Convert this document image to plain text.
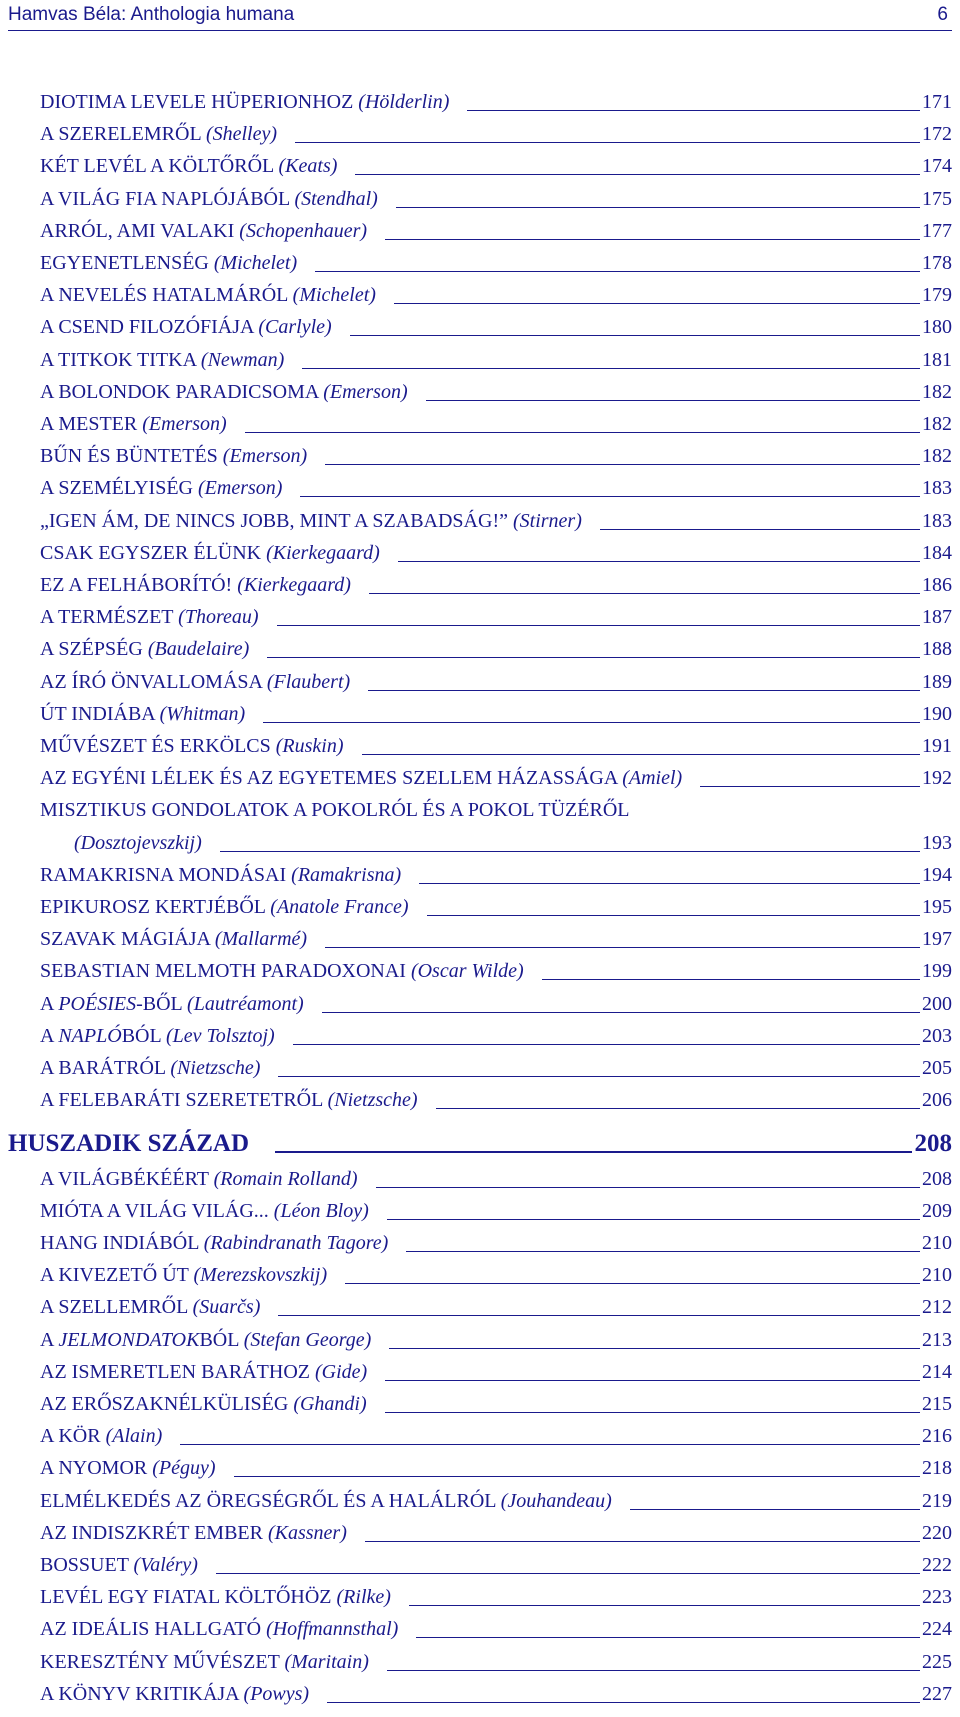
Hamvas Béla: Anthologia humana	6
DIOTIMA LEVELE HÜPERIONHOZ (Hölderlin)	171
A SZERELEMRŐL (Shelley)	172
KÉT LEVÉL A KÖLTŐRŐL (Keats)	174
A VILÁG FIA NAPLÓJÁBÓL (Stendhal)	175
ARRÓL, AMI VALAKI (Schopenhauer)	177
EGYENETLENSÉG (Michelet)	178
A NEVELÉS HATALMÁRÓL (Michelet)	179
A CSEND FILOZÓFIÁJA (Carlyle)	180
A TITKOK TITKA (Newman)	181
A BOLONDOK PARADICSOMA (Emerson)	182
A MESTER (Emerson)	182
BŰN ÉS BÜNTETÉS (Emerson)	182
A SZEMÉLYISÉG (Emerson)	183
„IGEN ÁM, DE NINCS JOBB, MINT A SZABADSÁG!” (Stirner)	183
CSAK EGYSZER ÉLÜNK (Kierkegaard)	184
EZ A FELHÁBORÍTÓ! (Kierkegaard)	186
A TERMÉSZET (Thoreau)	187
A SZÉPSÉG (Baudelaire)	188
AZ ÍRÓ ÖNVALLOMÁSA (Flaubert)	189
ÚT INDIÁBA (Whitman)	190
MŰVÉSZET ÉS ERKÖLCS (Ruskin)	191
AZ EGYÉNI LÉLEK ÉS AZ EGYETEMES SZELLEM HÁZASSÁGA (Amiel)	192
MISZTIKUS GONDOLATOK A POKOLRÓL ÉS A POKOL TÜZÉRŐL
(Dosztojevszkij)	193
RAMAKRISNA MONDÁSAI (Ramakrisna)	194
EPIKUROSZ KERTJÉBŐL (Anatole France)	195
SZAVAK MÁGIÁJA (Mallarmé)	197
SEBASTIAN MELMOTH PARADOXONAI (Oscar Wilde)	199
A POÉSIES-BŐL (Lautréamont)	200
A NAPLÓBÓL (Lev Tolsztoj)	203
A BARÁTRÓL (Nietzsche)	205
A FELEBARÁTI SZERETETRŐL (Nietzsche)	206
HUSZADIK SZÁZAD	208
A VILÁGBÉKÉÉRT (Romain Rolland)	208
MIÓTA A VILÁG VILÁG... (Léon Bloy)	209
HANG INDIÁBÓL (Rabindranath Tagore)	210
A KIVEZETŐ ÚT (Merezskovszkij)	210
A SZELLEMRŐL (Suarčs)	212
A JELMONDATOKBÓL (Stefan George)	213
AZ ISMERETLEN BARÁTHOZ (Gide)	214
AZ ERŐSZAKNÉLKÜLISÉG (Ghandi)	215
A KÖR (Alain)	216
A NYOMOR (Péguy)	218
ELMÉLKEDÉS AZ ÖREGSÉGRŐL ÉS A HALÁLRÓL (Jouhandeau)	219
AZ INDISZKRÉT EMBER (Kassner)	220
BOSSUET (Valéry)	222
LEVÉL EGY FIATAL KÖLTŐHÖZ (Rilke)	223
AZ IDEÁLIS HALLGATÓ (Hoffmannsthal)	224
KERESZTÉNY MŰVÉSZET (Maritain)	225
A KÖNYV KRITIKÁJA (Powys)	227
